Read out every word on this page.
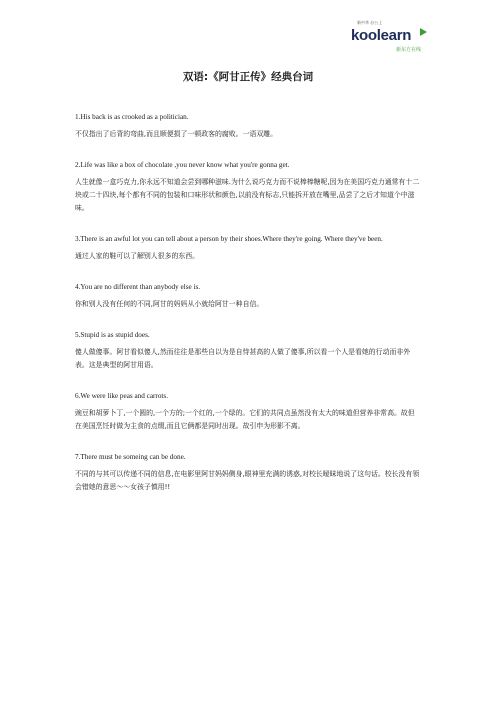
新中华 办公上
koolearn
新东方在线
双语:《阿甘正传》经典台词

1.His back is as crooked as a politician.

不仅指出了后背的弯曲,而且顺便损了一顿政客的腐败。一语双雕。

2.Life was like a box of chocolate ,you never know what you're gonna get.

人生就像一盒巧克力,你永远不知道会尝到哪种滋味.为什么说巧克力而不说棒棒糖呢,因为在美国巧克力通常有十二块或二十四块,每个都有不同的包装和口味形状和颜色,以前没有标志,只能拆开放在嘴里,品尝了之后才知道个中滋味。

3.There is an awful lot you can tell about a person by their shoes.Where they're going. Where they've been.

通过人家的鞋可以了解别人很多的东西。

4.You are no different than anybody else is.

你和别人没有任何的不同,阿甘的妈妈从小就给阿甘一种自信。

5.Stupid is as stupid does.

傻人做傻事。阿甘看似傻人,然而往往是那些自以为是自恃甚高的人做了傻事,所以看一个人是看她的行动而非外表。这是典型的阿甘用语。

6.We were like peas and carrots.

豌豆和胡萝卜丁,一个圆的,一个方的;一个红的,一个绿的。它们的共同点虽然没有太大的味道但营养非常高。故但在美国烹饪时做为主食的点缀,而且它俩都是同时出现。故引申为形影不离。

7.There must be someing can be done.

不同的与其可以传递不同的信息,在电影里阿甘妈妈侧身,眼神里充满的诱惑,对校长暧昧地说了这句话。校长没有领会错她的意思～～女孩子慎用!!
